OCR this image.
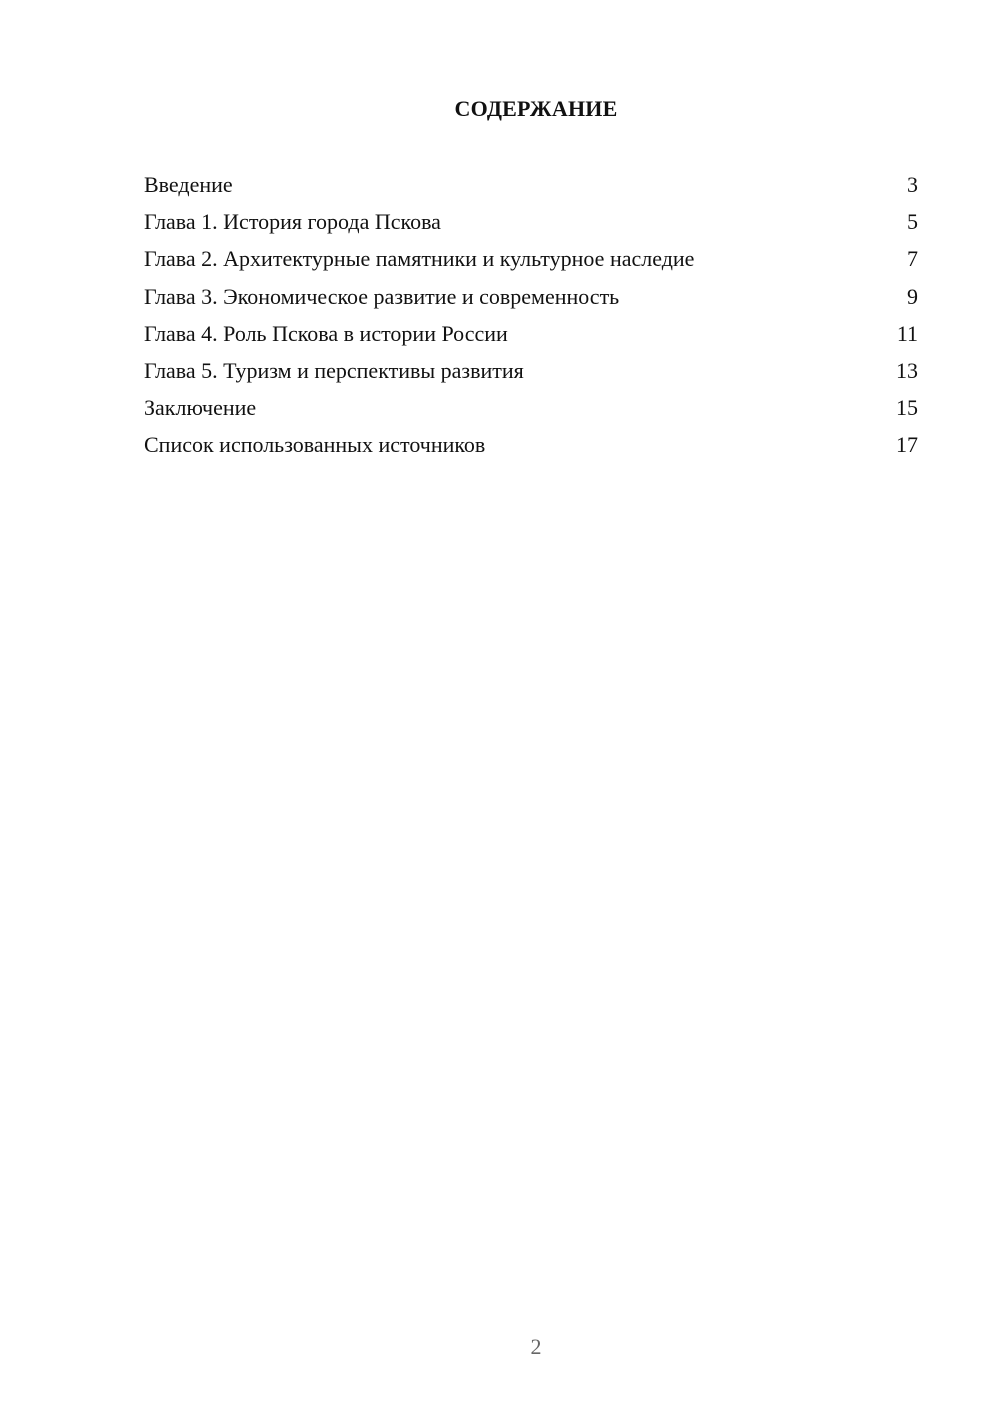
СОДЕРЖАНИЕ
Введение	3
Глава 1. История города Пскова	5
Глава 2. Архитектурные памятники и культурное наследие	7
Глава 3. Экономическое развитие и современность	9
Глава 4. Роль Пскова в истории России	11
Глава 5. Туризм и перспективы развития	13
Заключение	15
Список использованных источников	17
2
